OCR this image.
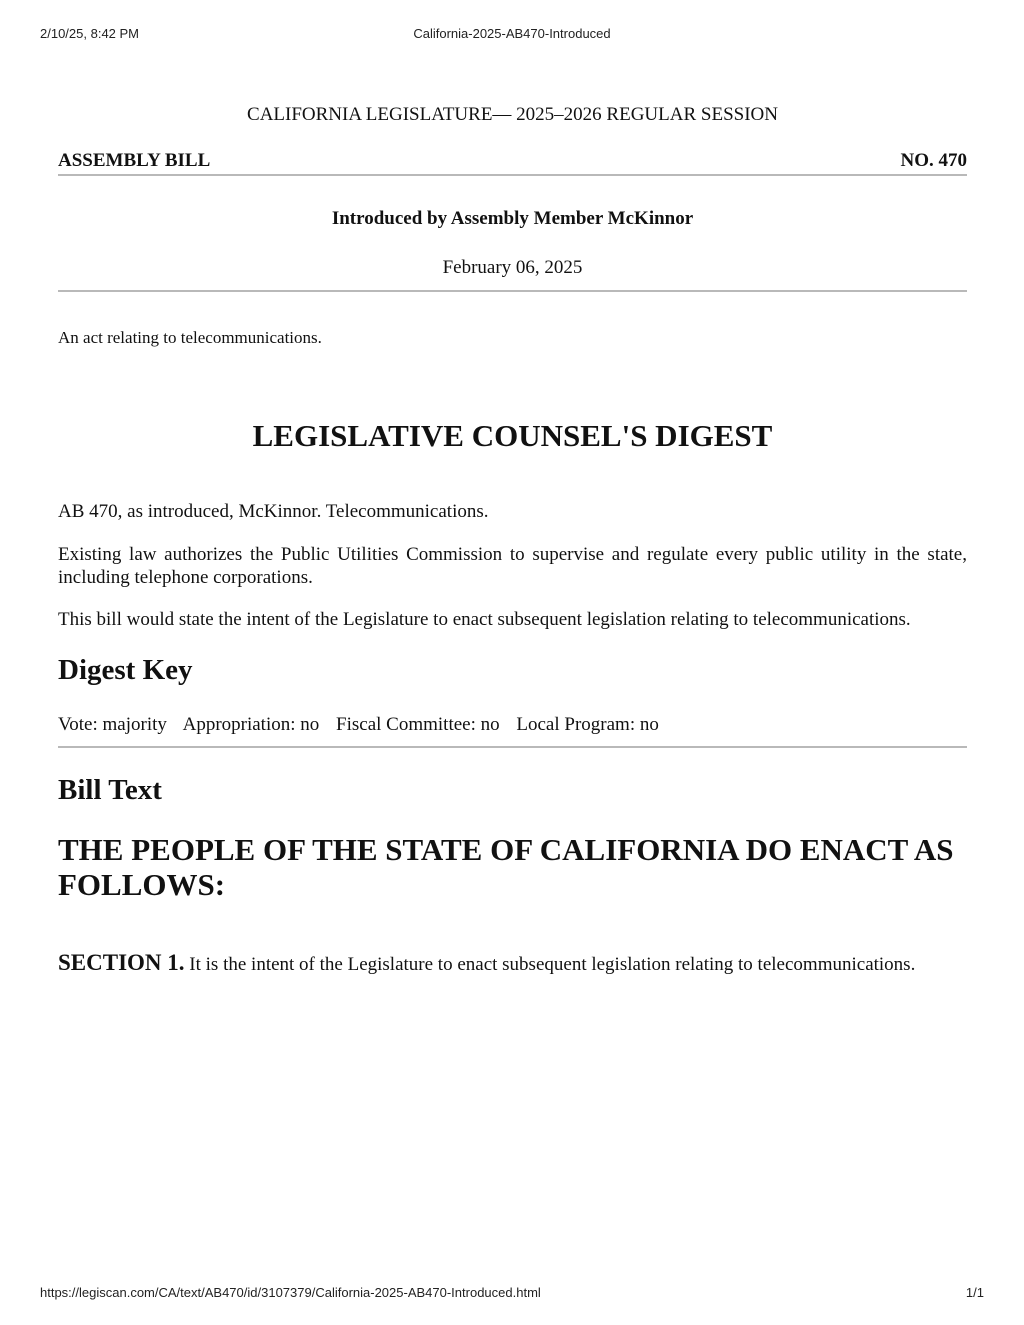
2/10/25, 8:42 PM	California-2025-AB470-Introduced
CALIFORNIA LEGISLATURE— 2025–2026 REGULAR SESSION
ASSEMBLY BILL	NO. 470
Introduced by Assembly Member McKinnor
February 06, 2025
An act relating to telecommunications.
LEGISLATIVE COUNSEL'S DIGEST

AB 470, as introduced, McKinnor. Telecommunications.

Existing law authorizes the Public Utilities Commission to supervise and regulate every public utility in the state, including telephone corporations.

This bill would state the intent of the Legislature to enact subsequent legislation relating to telecommunications.

Digest Key
Vote: majority Appropriation: no Fiscal Committee: no Local Program: no
Bill Text
THE PEOPLE OF THE STATE OF CALIFORNIA DO ENACT AS FOLLOWS:
SECTION 1. It is the intent of the Legislature to enact subsequent legislation relating to telecommunications.
https://legiscan.com/CA/text/AB470/id/3107379/California-2025-AB470-Introduced.html	1/1
